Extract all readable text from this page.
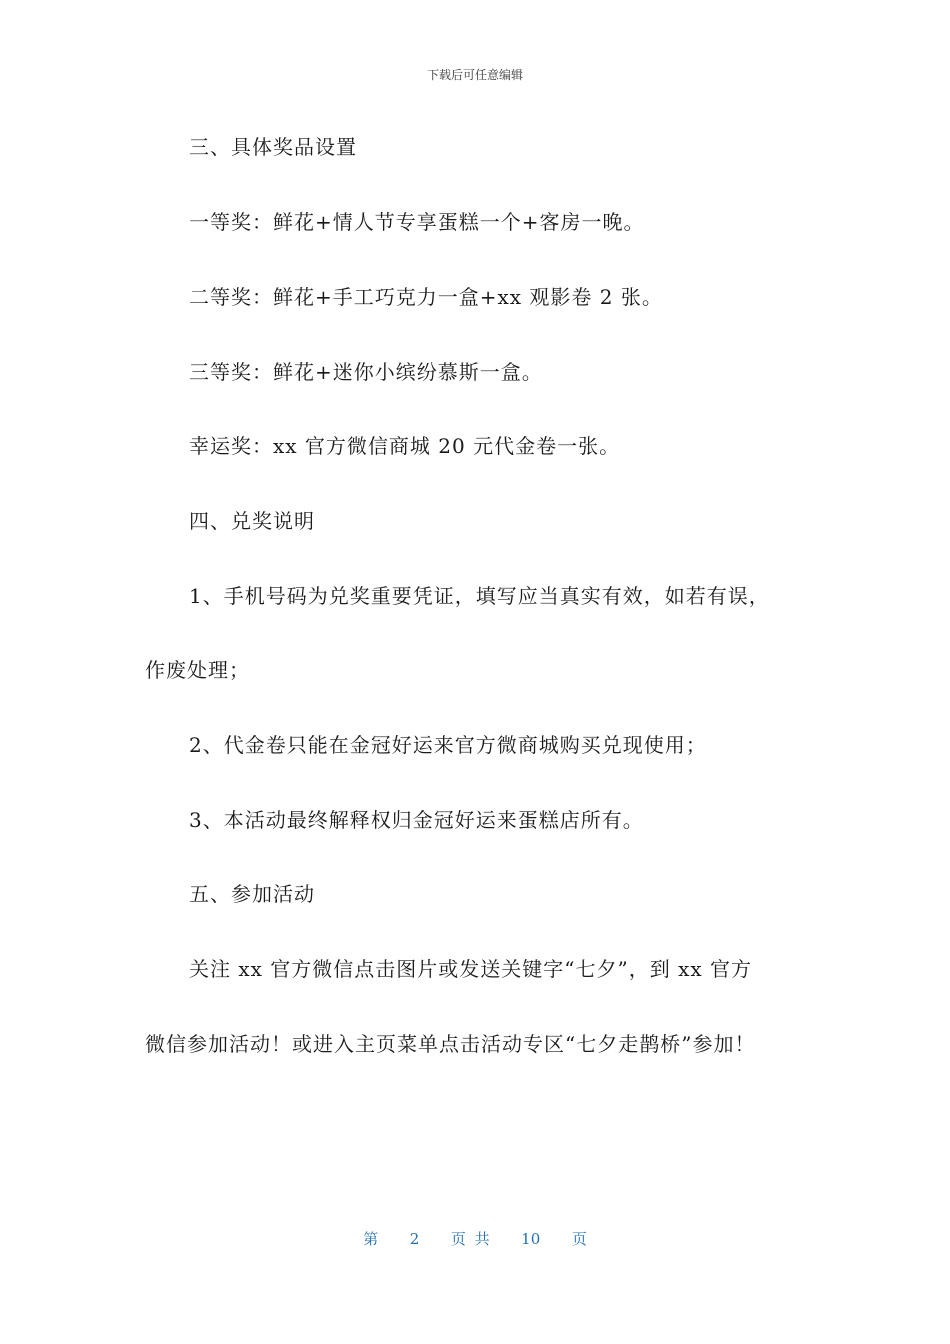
下载后可任意编辑
三、具体奖品设置
一等奖：鲜花+情人节专享蛋糕一个+客房一晚。
二等奖：鲜花+手工巧克力一盒+xx 观影卷 2 张。
三等奖：鲜花+迷你小缤纷慕斯一盒。
幸运奖：xx 官方微信商城 20 元代金卷一张。
四、兑奖说明
1、手机号码为兑奖重要凭证，填写应当真实有效，如若有误，
作废处理；
2、代金卷只能在金冠好运来官方微商城购买兑现使用；
3、本活动最终解释权归金冠好运来蛋糕店所有。
五、参加活动
关注 xx 官方微信点击图片或发送关键字“七夕”，到 xx 官方
微信参加活动！或进入主页菜单点击活动专区“七夕走鹊桥”参加！
第 2 页 共 10 页
